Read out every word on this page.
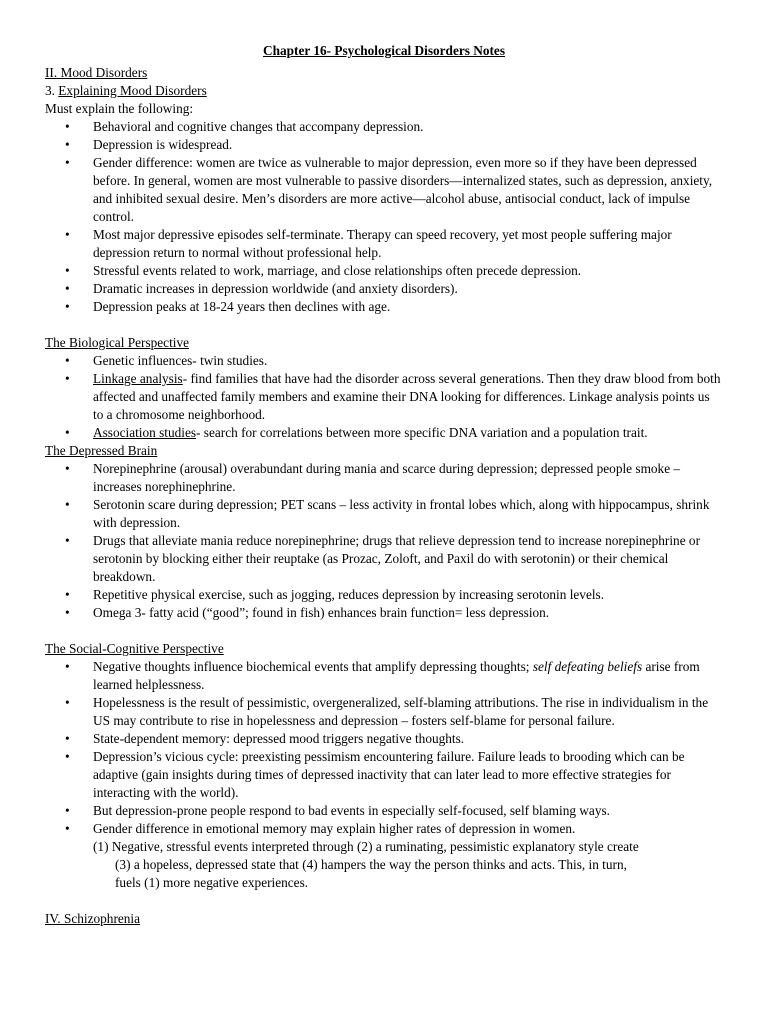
Chapter 16- Psychological Disorders Notes

II. Mood Disorders

3. Explaining Mood Disorders

Must explain the following:

• Behavioral and cognitive changes that accompany depression.
• Depression is widespread.
• Gender difference: women are twice as vulnerable to major depression, even more so if they have been depressed before. In general, women are most vulnerable to passive disorders—internalized states, such as depression, anxiety, and inhibited sexual desire. Men’s disorders are more active—alcohol abuse, antisocial conduct, lack of impulse control.
• Most major depressive episodes self-terminate. Therapy can speed recovery, yet most people suffering major depression return to normal without professional help.
• Stressful events related to work, marriage, and close relationships often precede depression.
• Dramatic increases in depression worldwide (and anxiety disorders).
• Depression peaks at 18-24 years then declines with age.

The Biological Perspective

• Genetic influences- twin studies.
• Linkage analysis- find families that have had the disorder across several generations. Then they draw blood from both affected and unaffected family members and examine their DNA looking for differences. Linkage analysis points us to a chromosome neighborhood.
• Association studies- search for correlations between more specific DNA variation and a population trait.

The Depressed Brain

• Norepinephrine (arousal) overabundant during mania and scarce during depression; depressed people smoke – increases norephinephrine.
• Serotonin scare during depression; PET scans – less activity in frontal lobes which, along with hippocampus, shrink with depression.
• Drugs that alleviate mania reduce norepinephrine; drugs that relieve depression tend to increase norepinephrine or serotonin by blocking either their reuptake (as Prozac, Zoloft, and Paxil do with serotonin) or their chemical breakdown.
• Repetitive physical exercise, such as jogging, reduces depression by increasing serotonin levels.
• Omega 3- fatty acid (“good”; found in fish) enhances brain function= less depression.

The Social-Cognitive Perspective

• Negative thoughts influence biochemical events that amplify depressing thoughts; self defeating beliefs arise from learned helplessness.
• Hopelessness is the result of pessimistic, overgeneralized, self-blaming attributions. The rise in individualism in the US may contribute to rise in hopelessness and depression – fosters self-blame for personal failure.
• State-dependent memory: depressed mood triggers negative thoughts.
• Depression’s vicious cycle: preexisting pessimism encountering failure. Failure leads to brooding which can be adaptive (gain insights during times of depressed inactivity that can later lead to more effective strategies for interacting with the world).
• But depression-prone people respond to bad events in especially self-focused, self blaming ways.
• Gender difference in emotional memory may explain higher rates of depression in women.

(1) Negative, stressful events interpreted through (2) a ruminating, pessimistic explanatory style create

(3) a hopeless, depressed state that (4) hampers the way the person thinks and acts. This, in turn,

fuels (1) more negative experiences.

IV. Schizophrenia
